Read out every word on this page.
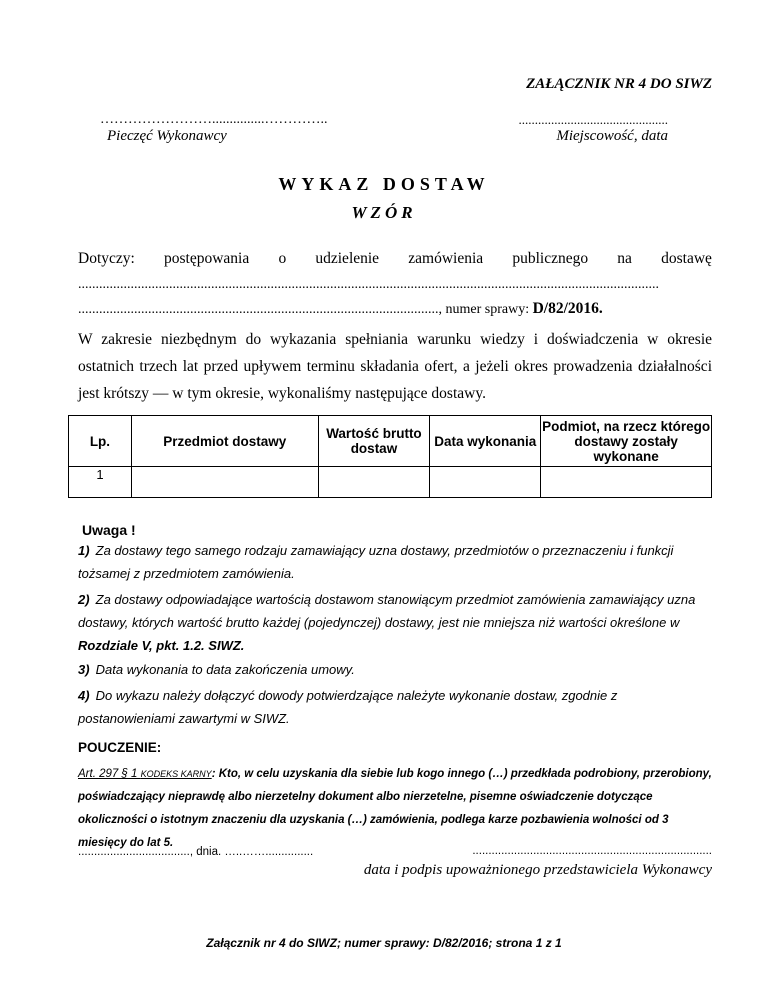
ZAŁĄCZNIK NR 4 DO SIWZ
……………………...............…………..
Pieczęć Wykonawcy
..............................................
Miejscowość, data
WYKAZ DOSTAW
WZÓR
Dotyczy: postępowania o udzielenie zamówienia publicznego na dostawę
......................................................................................................................................................................
......................................................................................................., numer sprawy: D/82/2016.
W zakresie niezbędnym do wykazania spełniania warunku wiedzy i doświadczenia w okresie ostatnich trzech lat przed upływem terminu składania ofert, a jeżeli okres prowadzenia działalności jest krótszy — w tym okresie, wykonaliśmy następujące dostawy.
Lp.	Przedmiot dostawy	Wartość brutto dostaw	Data wykonania	Podmiot, na rzecz którego dostawy zostały wykonane
1				
Uwaga !
1) Za dostawy tego samego rodzaju zamawiający uzna dostawy, przedmiotów o przeznaczeniu i funkcji tożsamej z przedmiotem zamówienia.
2) Za dostawy odpowiadające wartością dostawom stanowiącym przedmiot zamówienia zamawiający uzna dostawy, których wartość brutto każdej (pojedynczej) dostawy, jest nie mniejsza niż wartości określone w Rozdziale V, pkt. 1.2. SIWZ.
3) Data wykonania to data zakończenia umowy.
4) Do wykazu należy dołączyć dowody potwierdzające należyte wykonanie dostaw, zgodnie z postanowieniami zawartymi w SIWZ.
POUCZENIE:
Art. 297 § 1 KODEKS KARNY: Kto, w celu uzyskania dla siebie lub kogo innego (…) przedkłada podrobiony, przerobiony, poświadczający nieprawdę albo nierzetelny dokument albo nierzetelne, pisemne oświadczenie dotyczące okoliczności o istotnym znaczeniu dla uzyskania (…) zamówienia, podlega karze pozbawienia wolności od 3 miesięcy do lat 5.
..................................., dnia. …..……...............	...........................................................................
data i podpis upoważnionego przedstawiciela Wykonawcy
Załącznik nr 4 do SIWZ; numer sprawy: D/82/2016; strona 1 z 1
